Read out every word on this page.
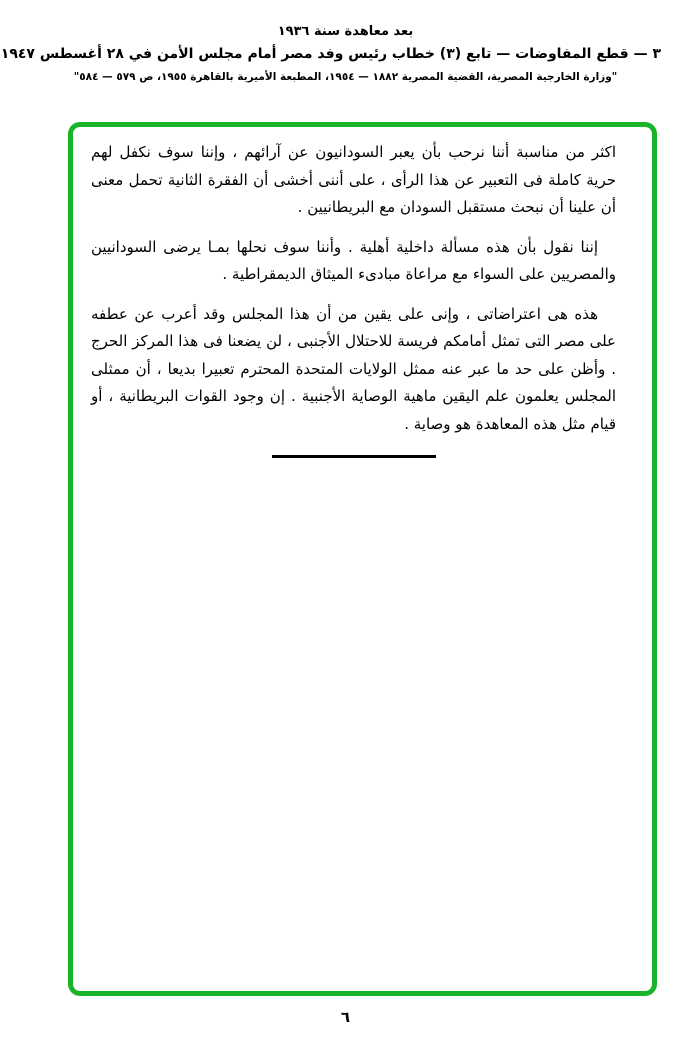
بعد معاهدة سنة ١٩٣٦

٣ — قطع المفاوضات — تابع (٣) خطاب رئيس وفد مصر أمام مجلس الأمن في ٢٨ أغسطس ١٩٤٧

"وزارة الخارجية المصرية، القضية المصرية ١٨٨٢ — ١٩٥٤، المطبعة الأميرية بالقاهرة ١٩٥٥، ص ٥٧٩ — ٥٨٤"

اكثر من مناسبة أننا نرحب بأن يعبر السودانيون عن آرائهم ، وإننا سوف نكفل لهم حرية كاملة فى التعبير عن هذا الرأى ، على أننى أخشى أن الفقرة الثانية تحمل معنى أن علينا أن نبحث مستقبل السودان مع البريطانيين .

إننا نقول بأن هذه مسألة داخلية أهلية . وأننا سوف نحلها بمـا يرضى السودانيين والمصريين على السواء مع مراعاة مبادىء الميثاق الديمقراطية .

هذه هى اعتراضاتى ، وإنى على يقين من أن هذا المجلس وقد أعرب عن عطفه على مصر التى تمثل أمامكم فريسة للاحتلال الأجنبى ، لن يضعنا فى هذا المركز الحرج . وأظن على حد ما عبر عنه ممثل الولايات المتحدة المحترم تعبيرا بديعا ، أن ممثلى المجلس يعلمون علم اليقين ماهية الوصاية الأجنبية . إن وجود القوات البريطانية ، أو قيام مثل هذه المعاهدة هو وصاية .

٦
